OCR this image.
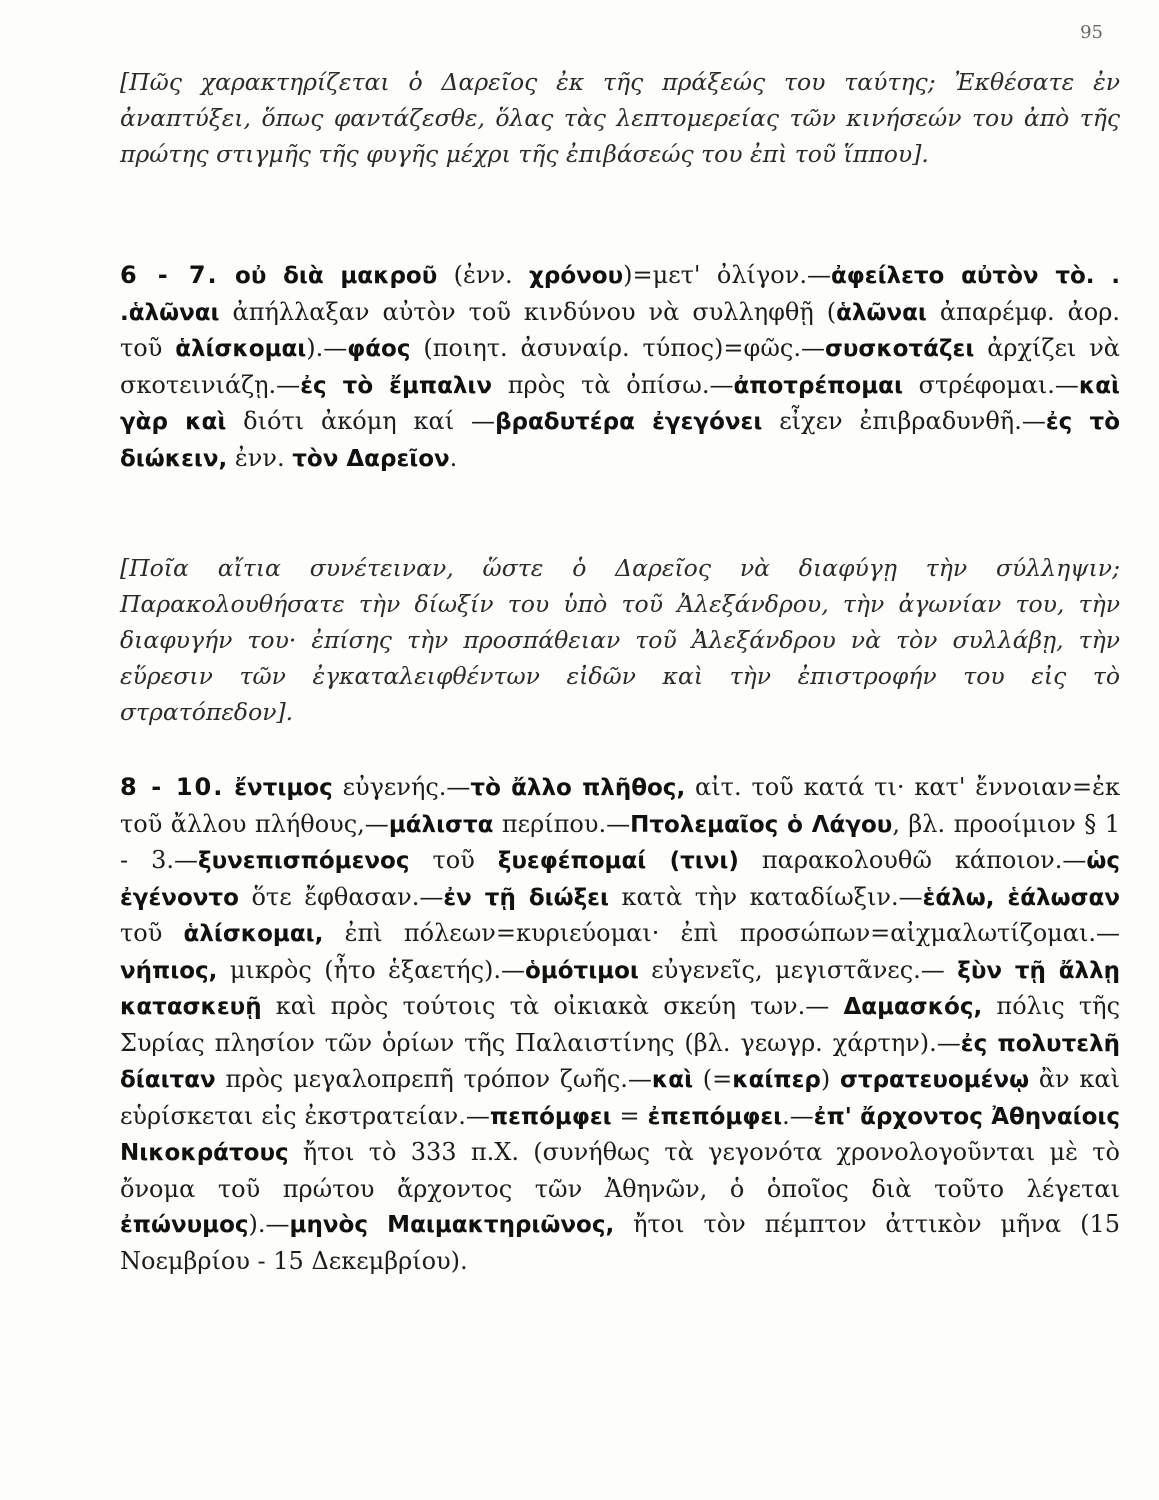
95
[Πῶς χαρακτηρίζεται ὁ Δαρεῖος ἐκ τῆς πράξεώς του ταύτης; Ἐκθέσατε ἐν ἀναπτύξει, ὅπως φαντάζεσθε, ὅλας τὰς λεπτομερείας τῶν κινήσεών του ἀπὸ τῆς πρώτης στιγμῆς τῆς φυγῆς μέχρι τῆς ἐπιβάσεώς του ἐπὶ τοῦ ἵππου].
6 - 7. οὐ διὰ μακροῦ (ἐνν. χρόνου)=μετ' ὀλίγον.—ἀφείλετο αὐτὸν τὸ. . .ἁλῶναι ἀπήλλαξαν αὐτὸν τοῦ κινδύνου νὰ συλληφθῇ (ἁλῶναι ἀπαρέμφ. ἀορ. τοῦ ἁλίσκομαι).—φάος (ποιητ. ἀσυναίρ. τύπος)=φῶς.—συσκοτάζει ἀρχίζει νὰ σκοτεινιάζῃ.—ἐς τὸ ἔμπαλιν πρὸς τὰ ὀπίσω.—ἀποτρέπομαι στρέφομαι.—καὶ γὰρ καὶ διότι ἀκόμη καί —βραδυτέρα ἐγεγόνει εἶχεν ἐπιβραδυνθῆ.—ἐς τὸ διώκειν, ἐνν. τὸν Δαρεῖον.
[Ποῖα αἴτια συνέτειναν, ὥστε ὁ Δαρεῖος νὰ διαφύγῃ τὴν σύλληψιν; Παρακολουθήσατε τὴν δίωξίν του ὑπὸ τοῦ Ἀλεξάνδρου, τὴν ἀγωνίαν του, τὴν διαφυγήν του· ἐπίσης τὴν προσπάθειαν τοῦ Ἀλεξάνδρου νὰ τὸν συλλάβῃ, τὴν εὕρεσιν τῶν ἐγκαταλειφθέντων εἰδῶν καὶ τὴν ἐπιστροφήν του εἰς τὸ στρατόπεδον].
8 - 10. ἔντιμος εὐγενής.—τὸ ἄλλο πλῆθος, αἰτ. τοῦ κατά τι· κατ' ἔννοιαν=ἐκ τοῦ ἄλλου πλήθους,—μάλιστα περίπου.—Πτολεμαῖος ὁ Λάγου, βλ. προοίμιον § 1 - 3.—ξυνεπισπόμενος τοῦ ξυεφέπομαί (τινι) παρακολουθῶ κάποιον.—ὡς ἐγένοντο ὅτε ἔφθασαν.—ἐν τῇ διώξει κατὰ τὴν καταδίωξιν.—ἑάλω, ἑάλωσαν τοῦ ἁλίσκομαι, ἐπὶ πόλεων=κυριεύομαι· ἐπὶ προσώπων=αἰχμαλωτίζομαι.—νήπιος, μικρὸς (ἦτο ἑξαετής).—ὁμότιμοι εὐγενεῖς, μεγιστᾶνες.— ξὺν τῇ ἄλλῃ κατασκευῇ καὶ πρὸς τούτοις τὰ οἰκιακὰ σκεύη των.— Δαμασκός, πόλις τῆς Συρίας πλησίον τῶν ὁρίων τῆς Παλαιστίνης (βλ. γεωγρ. χάρτην).—ἐς πολυτελῆ δίαιταν πρὸς μεγαλοπρεπῆ τρόπον ζωῆς.—καὶ (=καίπερ) στρατευομένῳ ἂν καὶ εὑρίσκεται εἰς ἐκστρατείαν.—πεπόμφει = ἐπεπόμφει.—ἐπ' ἄρχοντος Ἀθηναίοις Νικοκράτους ἤτοι τὸ 333 π.Χ. (συνήθως τὰ γεγονότα χρονολογοῦνται μὲ τὸ ὄνομα τοῦ πρώτου ἄρχοντος τῶν Ἀθηνῶν, ὁ ὁποῖος διὰ τοῦτο λέγεται ἐπώνυμος).—μηνὸς Μαιμακτηριῶνος, ἤτοι τὸν πέμπτον ἀττικὸν μῆνα (15 Νοεμβρίου - 15 Δεκεμβρίου).
